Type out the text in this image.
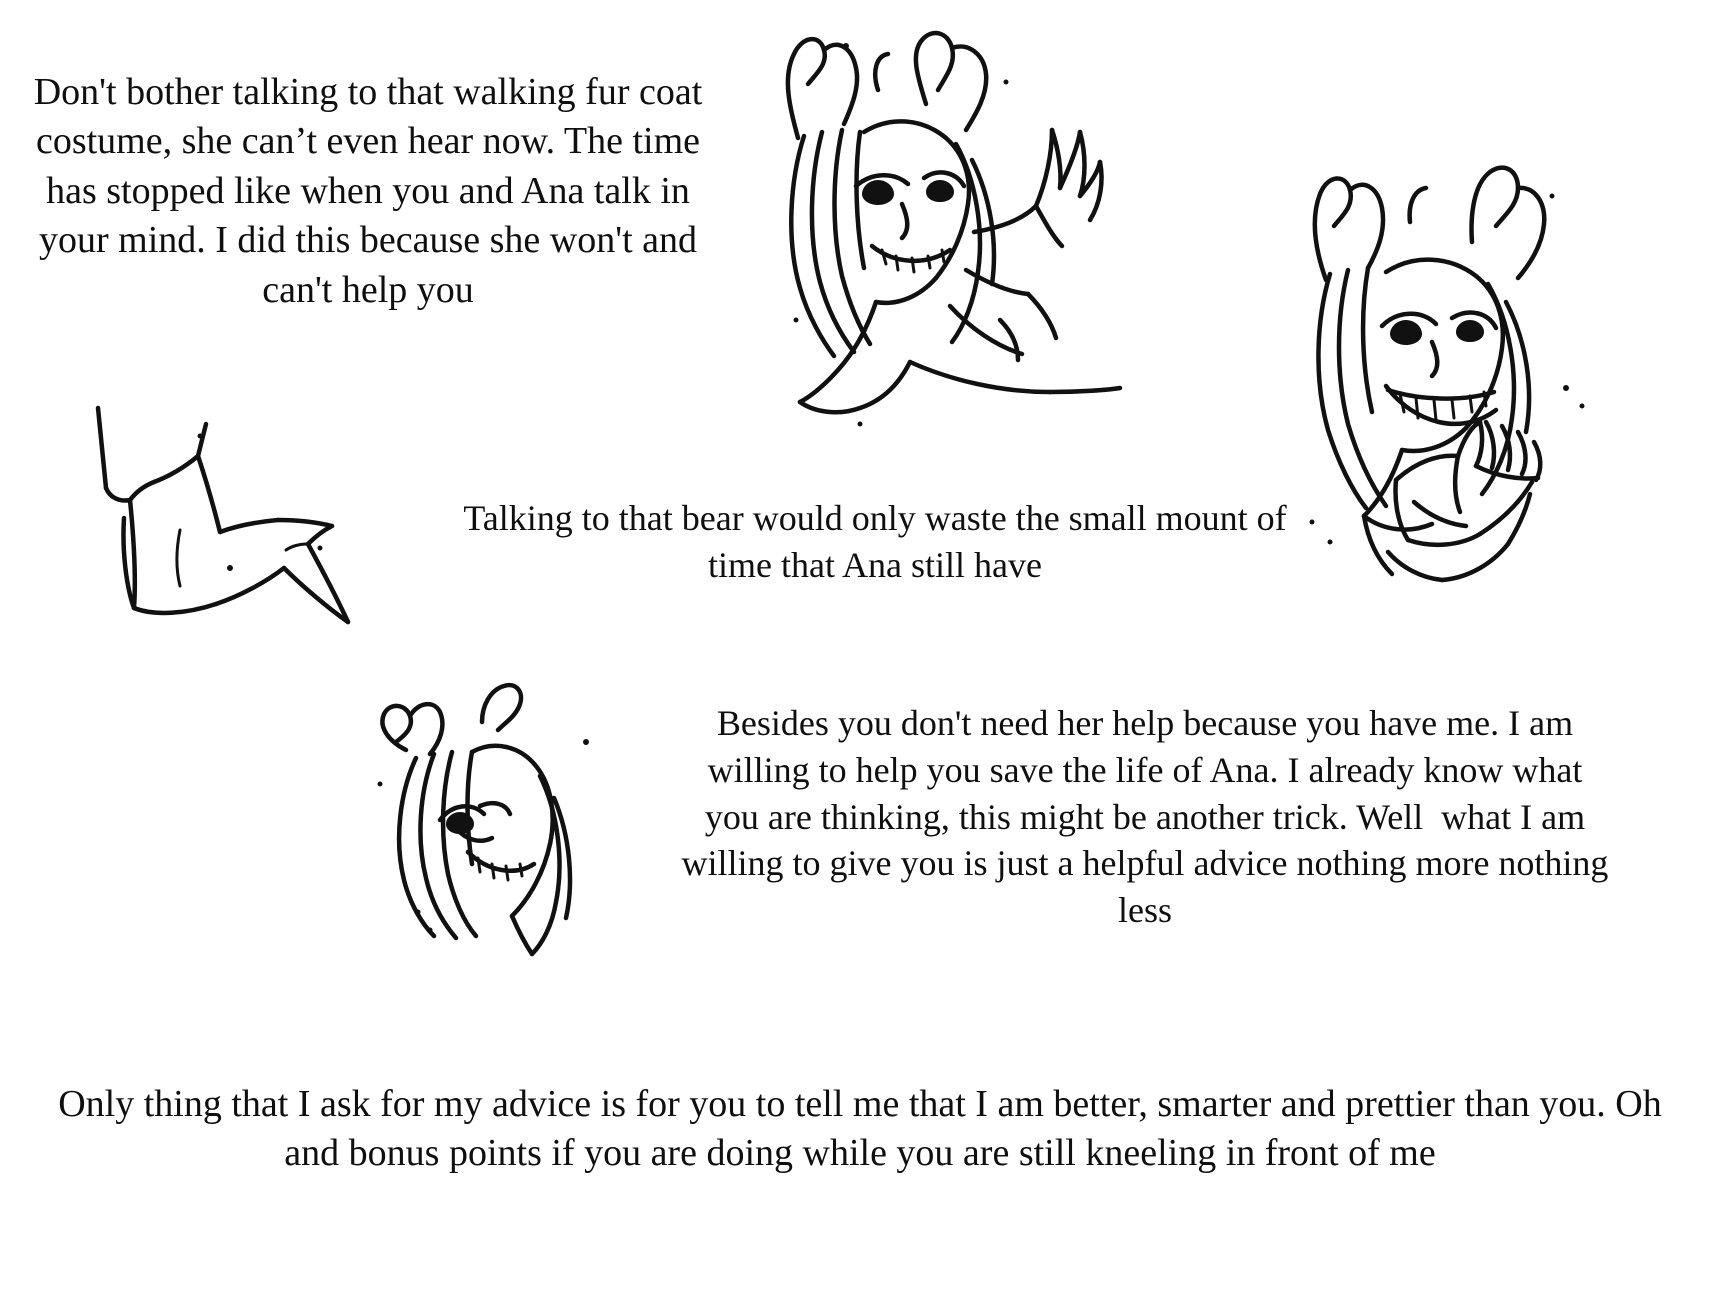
Don't bother talking to that walking fur coat costume, she can’t even hear now. The time has stopped like when you and Ana talk in your mind. I did this because she won't and can't help you
Talking to that bear would only waste the small mount of time that Ana still have
Besides you don't need her help because you have me. I am willing to help you save the life of Ana. I already know what you are thinking, this might be another trick. Well  what I am willing to give you is just a helpful advice nothing more nothing less
Only thing that I ask for my advice is for you to tell me that I am better, smarter and prettier than you. Oh and bonus points if you are doing while you are still kneeling in front of me
